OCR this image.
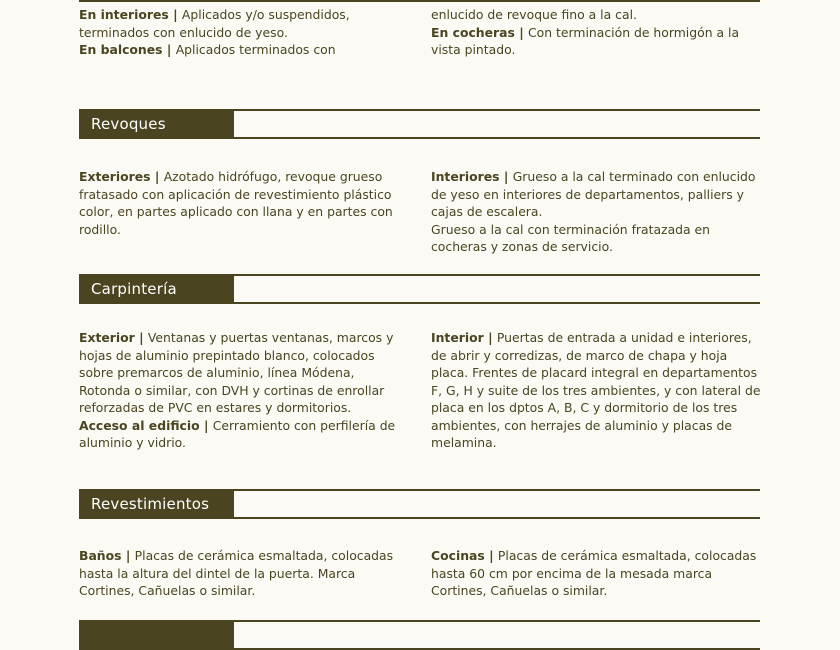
En interiores | Aplicados y/o suspendidos, terminados con enlucido de yeso.

En balcones | Aplicados terminados con

enlucido de revoque fino a la cal.

En cocheras | Con terminación de hormigón a la vista pintado.

Revoques

Exteriores | Azotado hidrófugo, revoque grueso fratasado con aplicación de revestimiento plástico color, en partes aplicado con llana y en partes con rodillo.

Interiores | Grueso a la cal terminado con enlucido de yeso en interiores de departamentos, palliers y cajas de escalera.

Grueso a la cal con terminación fratazada en cocheras y zonas de servicio.

Carpintería

Exterior | Ventanas y puertas ventanas, marcos y hojas de aluminio prepintado blanco, colocados sobre premarcos de aluminio, línea Módena, Rotonda o similar, con DVH y cortinas de enrollar reforzadas de PVC en estares y dormitorios.

Acceso al edificio | Cerramiento con perfilería de aluminio y vidrio.

Interior | Puertas de entrada a unidad e interiores, de abrir y corredizas, de marco de chapa y hoja placa. Frentes de placard integral en departamentos F, G, H y suite de los tres ambientes, y con lateral de placa en los dptos A, B, C y dormitorio de los tres ambientes, con herrajes de aluminio y placas de melamina.

Revestimientos

Baños | Placas de cerámica esmaltada, colocadas hasta la altura del dintel de la puerta. Marca Cortines, Cañuelas o similar.

Cocinas | Placas de cerámica esmaltada, colocadas hasta 60 cm por encima de la mesada marca Cortines, Cañuelas o similar.
